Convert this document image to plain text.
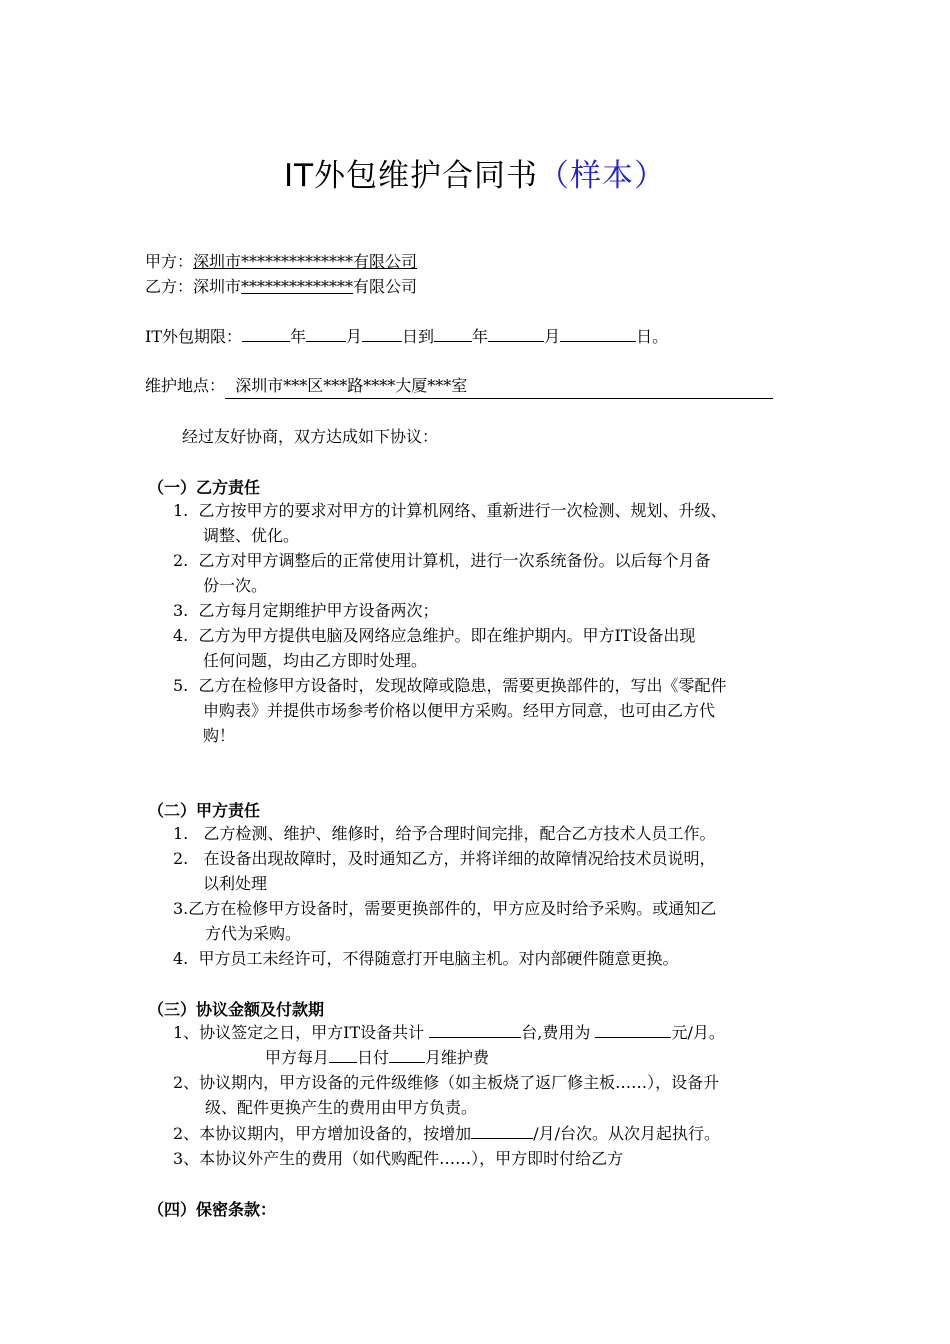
IT外包维护合同书（样本）
甲方：深圳市**************有限公司
乙方：深圳市**************有限公司
IT外包期限：	年	月	日到 年	月	日。
维护地点： 深圳市***区***路****大厦***室
经过友好协商，双方达成如下协议：
（一）乙方责任
1. 乙方按甲方的要求对甲方的计算机网络、重新进行一次检测、规划、升级、
调整、优化。
2. 乙方对甲方调整后的正常使用计算机，进行一次系统备份。以后每个月备
份一次。
3. 乙方每月定期维护甲方设备两次；
4. 乙方为甲方提供电脑及网络应急维护。即在维护期内。甲方IT设备出现
任何问题，均由乙方即时处理。
5. 乙方在检修甲方设备时，发现故障或隐患，需要更换部件的，写出《零配件
申购表》并提供市场参考价格以便甲方采购。经甲方同意，也可由乙方代
购！
（二）甲方责任
1. 乙方检测、维护、维修时，给予合理时间完排，配合乙方技术人员工作。
2. 在设备出现故障时，及时通知乙方，并将详细的故障情况给技术员说明，
以利处理
3.乙方在检修甲方设备时，需要更换部件的，甲方应及时给予采购。或通知乙
方代为采购。
4. 甲方员工未经许可，不得随意打开电脑主机。对内部硬件随意更换。
（三）协议金额及付款期
1、协议签定之日，甲方IT设备共计	台,费用为	元/月。
甲方每月 日付 月维护费
2、协议期内，甲方设备的元件级维修（如主板烧了返厂修主板……），设备升
级、配件更换产生的费用由甲方负责。
2、本协议期内，甲方增加设备的，按增加	/月/台次。从次月起执行。
3、本协议外产生的费用（如代购配件……），甲方即时付给乙方
（四）保密条款：
